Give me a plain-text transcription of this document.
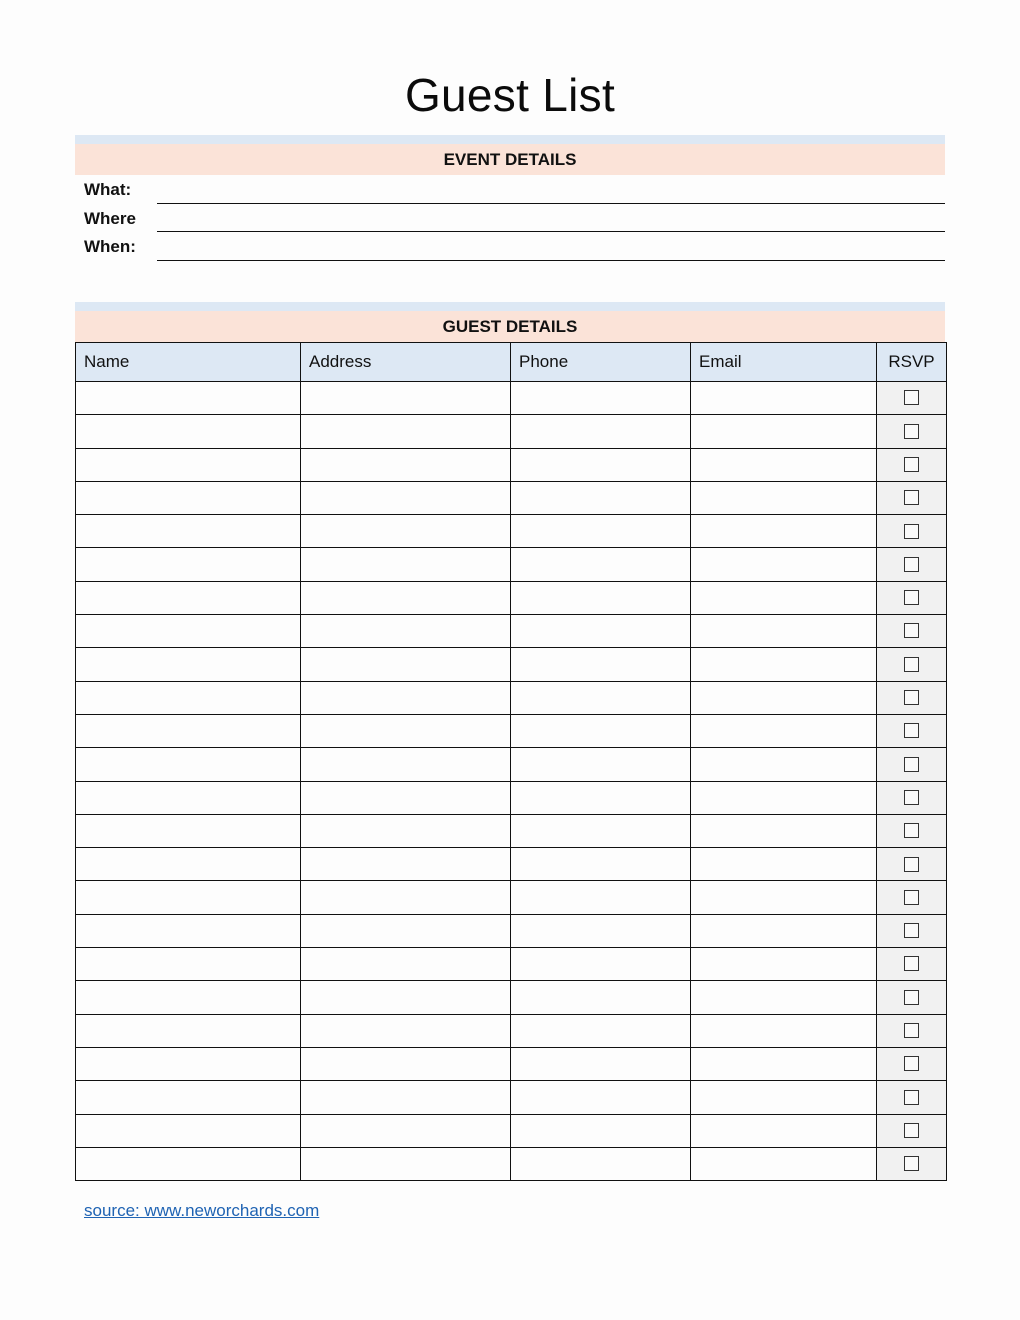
Guest List
EVENT DETAILS
What:
Where
When:
GUEST DETAILS
Name	Address	Phone	Email	RSVP

source: www.neworchards.com
